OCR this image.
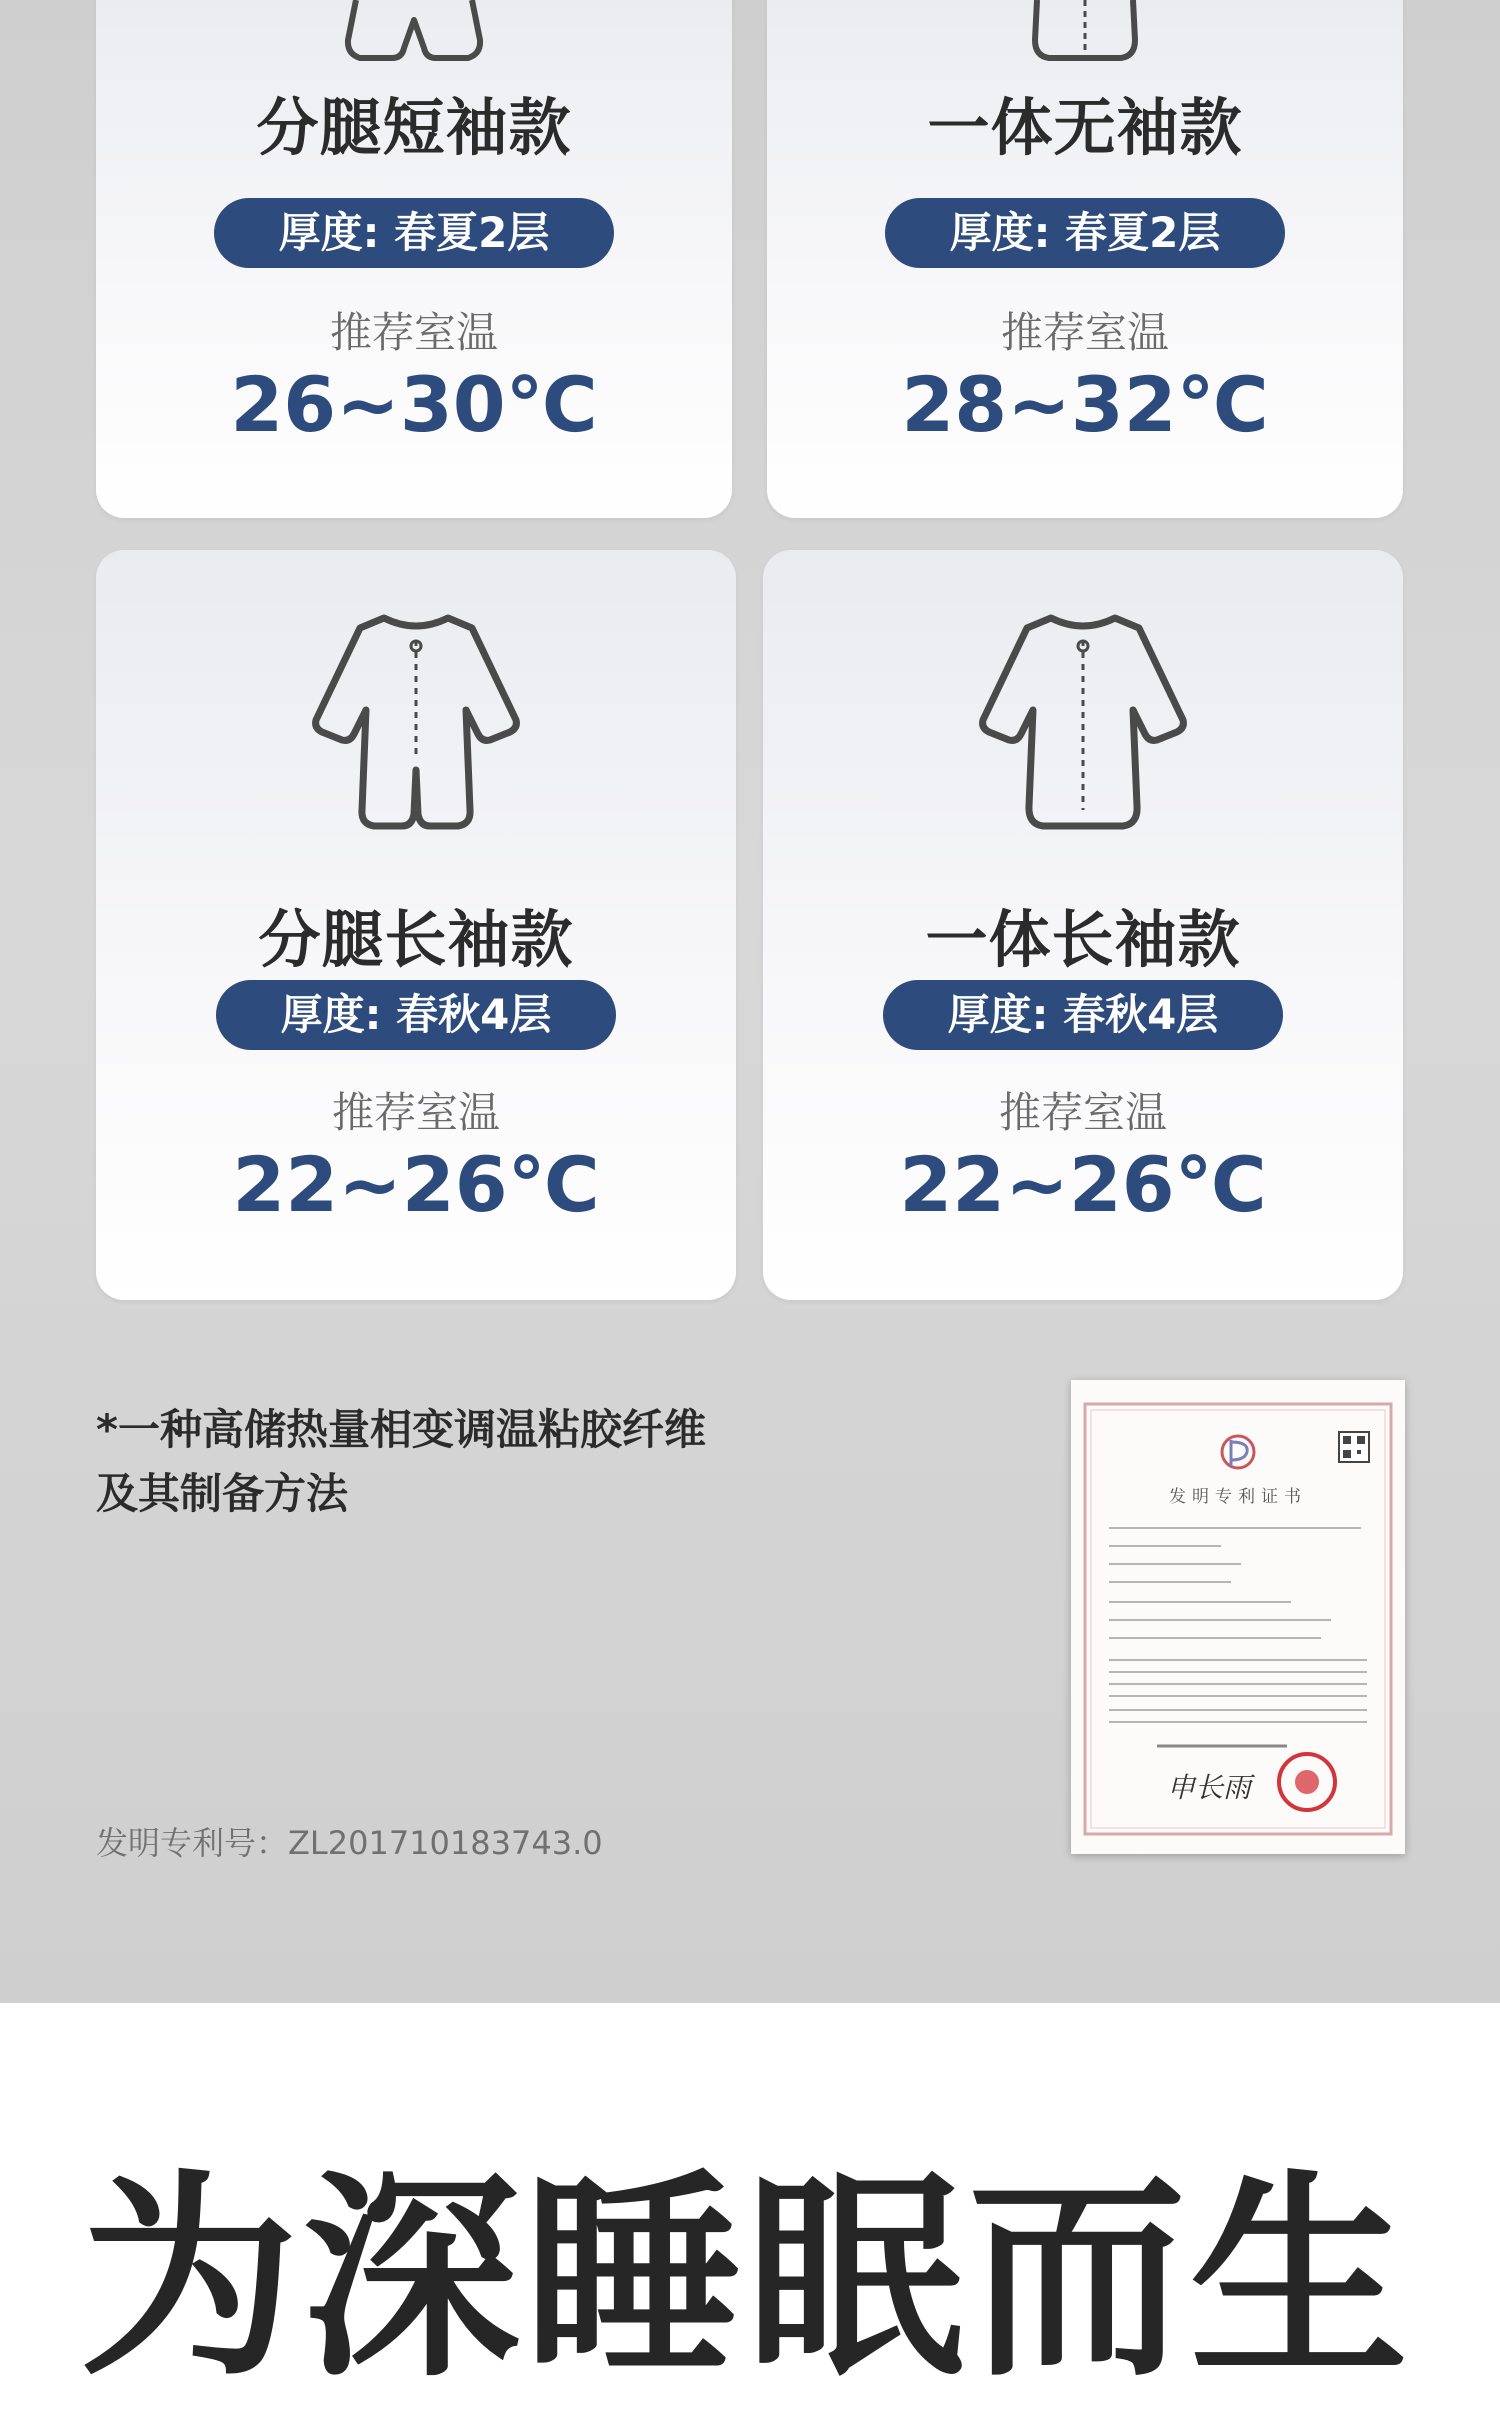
分腿短袖款
厚度: 春夏2层
推荐室温
26~30℃
一体无袖款
厚度: 春夏2层
推荐室温
28~32℃
分腿长袖款
厚度: 春秋4层
推荐室温
22~26℃
一体长袖款
厚度: 春秋4层
推荐室温
22~26℃
*一种高储热量相变调温粘胶纤维
及其制备方法
发明专利号：ZL201710183743.0
发明专利证书
申长雨
为深睡眠而生
